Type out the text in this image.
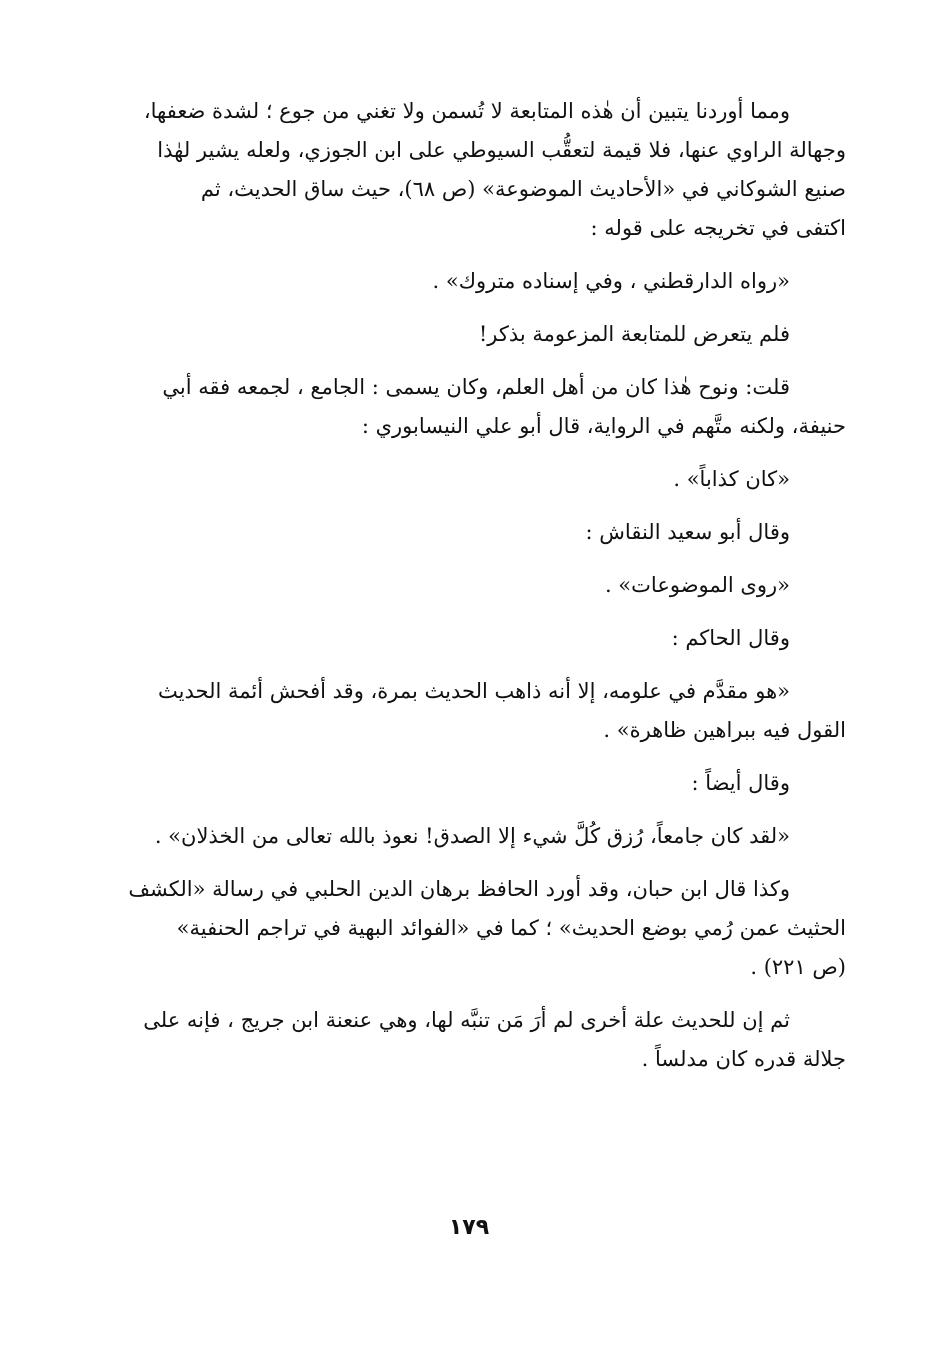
ومما أوردنا يتبين أن هٰذه المتابعة لا تُسمن ولا تغني من جوع ؛ لشدة ضعفها،
وجهالة الراوي عنها، فلا قيمة لتعقُّب السيوطي على ابن الجوزي، ولعله يشير لهٰذا
صنيع الشوكاني في «الأحاديث الموضوعة» (ص ٦٨)، حيث ساق الحديث، ثم
اكتفى في تخريجه على قوله :

«رواه الدارقطني ، وفي إسناده متروك» .

فلم يتعرض للمتابعة المزعومة بذكر!

قلت: ونوح هٰذا كان من أهل العلم، وكان يسمى : الجامع ، لجمعه فقه أبي
حنيفة، ولكنه متَّهم في الرواية، قال أبو علي النيسابوري :

«كان كذاباً» .

وقال أبو سعيد النقاش :

«روى الموضوعات» .

وقال الحاكم :

«هو مقدَّم في علومه، إلا أنه ذاهب الحديث بمرة، وقد أفحش أئمة الحديث
القول فيه ببراهين ظاهرة» .

وقال أيضاً :

«لقد كان جامعاً، رُزق كُلَّ شيء إلا الصدق! نعوذ بالله تعالى من الخذلان» .

وكذا قال ابن حبان، وقد أورد الحافظ برهان الدين الحلبي في رسالة «الكشف
الحثيث عمن رُمي بوضع الحديث» ؛ كما في «الفوائد البهية في تراجم الحنفية»
(ص ٢٢١) .

ثم إن للحديث علة أخرى لم أرَ مَن تنبَّه لها، وهي عنعنة ابن جريج ، فإنه على
جلالة قدره كان مدلساً .

١٧٩
